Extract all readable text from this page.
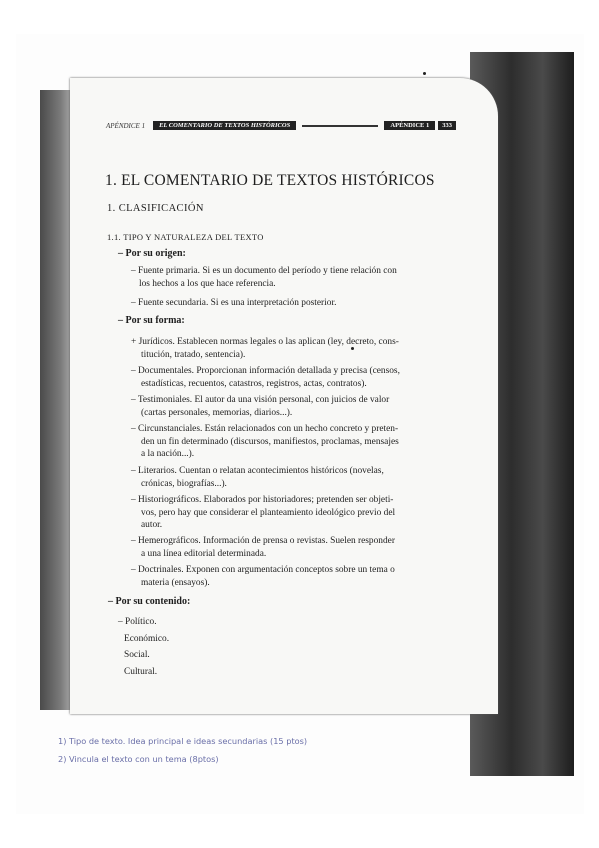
APÉNDICE 1	EL COMENTARIO DE TEXTOS HISTÓRICOS	APÉNDICE 1	333
1. EL COMENTARIO DE TEXTOS HISTÓRICOS
1. CLASIFICACIÓN
1.1. TIPO Y NATURALEZA DEL TEXTO
– Por su origen:
– Fuente primaria. Si es un documento del período y tiene relación con
los hechos a los que hace referencia.
– Fuente secundaria. Si es una interpretación posterior.
– Por su forma:
+ Jurídicos. Establecen normas legales o las aplican (ley, decreto, cons-
titución, tratado, sentencia).
– Documentales. Proporcionan información detallada y precisa (censos,
estadísticas, recuentos, catastros, registros, actas, contratos).
– Testimoniales. El autor da una visión personal, con juicios de valor
(cartas personales, memorias, diarios...).
– Circunstanciales. Están relacionados con un hecho concreto y preten-
den un fin determinado (discursos, manifiestos, proclamas, mensajes
a la nación...).
– Literarios. Cuentan o relatan acontecimientos históricos (novelas,
crónicas, biografías...).
– Historiográficos. Elaborados por historiadores; pretenden ser objeti-
vos, pero hay que considerar el planteamiento ideológico previo del
autor.
– Hemerográficos. Información de prensa o revistas. Suelen responder
a una línea editorial determinada.
– Doctrinales. Exponen con argumentación conceptos sobre un tema o
materia (ensayos).
– Por su contenido:
– Político.
Económico.
Social.
Cultural.
1) Tipo de texto. Idea principal e ideas secundarias (15 ptos)
2) Vincula el texto con un tema (8ptos)
